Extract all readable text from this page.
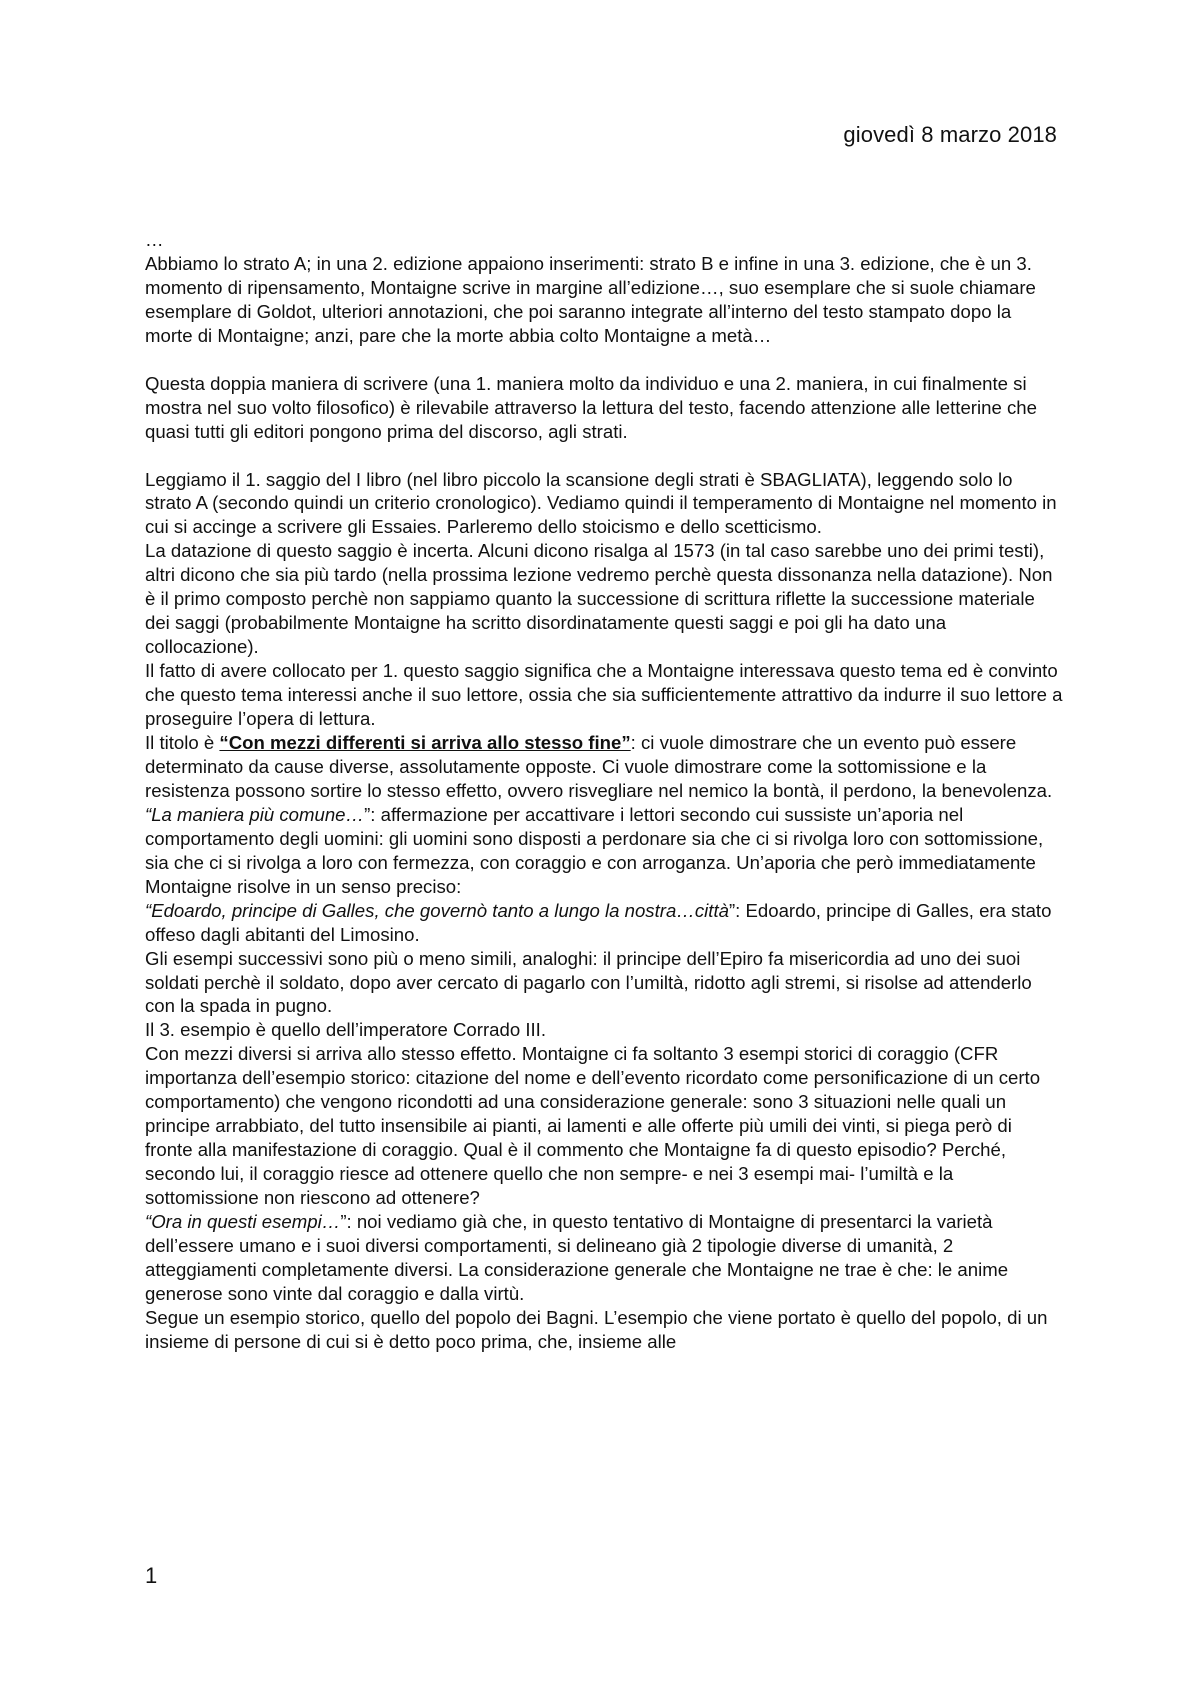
giovedì 8 marzo 2018

…

Abbiamo lo strato A; in una 2. edizione appaiono inserimenti: strato B e infine in una 3. edizione, che è un 3. momento di ripensamento, Montaigne scrive in margine all’edizione…, suo esemplare che si suole chiamare esemplare di Goldot, ulteriori annotazioni, che poi saranno integrate all’interno del testo stampato dopo la morte di Montaigne; anzi, pare che la morte abbia colto Montaigne a metà…

Questa doppia maniera di scrivere (una 1. maniera molto da individuo e una 2. maniera, in cui finalmente si mostra nel suo volto filosofico) è rilevabile attraverso la lettura del testo, facendo attenzione alle letterine che quasi tutti gli editori pongono prima del discorso, agli strati.

Leggiamo il 1. saggio del I libro (nel libro piccolo la scansione degli strati è SBAGLIATA), leggendo solo lo strato A (secondo quindi un criterio cronologico). Vediamo quindi il temperamento di Montaigne nel momento in cui si accinge a scrivere gli Essaies. Parleremo dello stoicismo e dello scetticismo.

La datazione di questo saggio è incerta. Alcuni dicono risalga al 1573 (in tal caso sarebbe uno dei primi testi), altri dicono che sia più tardo (nella prossima lezione vedremo perchè questa dissonanza nella datazione). Non è il primo composto perchè non sappiamo quanto la successione di scrittura riflette la successione materiale dei saggi (probabilmente Montaigne ha scritto disordinatamente questi saggi e poi gli ha dato una collocazione).

Il fatto di avere collocato per 1. questo saggio significa che a Montaigne interessava questo tema ed è convinto che questo tema interessi anche il suo lettore, ossia che sia sufficientemente attrattivo da indurre il suo lettore a proseguire l’opera di lettura.

Il titolo è “Con mezzi differenti si arriva allo stesso fine”: ci vuole dimostrare che un evento può essere determinato da cause diverse, assolutamente opposte. Ci vuole dimostrare come la sottomissione e la resistenza possono sortire lo stesso effetto, ovvero risvegliare nel nemico la bontà, il perdono, la benevolenza.

“La maniera più comune…”: affermazione per accattivare i lettori secondo cui sussiste un’aporia nel comportamento degli uomini: gli uomini sono disposti a perdonare sia che ci si rivolga loro con sottomissione, sia che ci si rivolga a loro con fermezza, con coraggio e con arroganza. Un’aporia che però immediatamente Montaigne risolve in un senso preciso:

“Edoardo, principe di Galles, che governò tanto a lungo la nostra…città”: Edoardo, principe di Galles, era stato offeso dagli abitanti del Limosino.

Gli esempi successivi sono più o meno simili, analoghi: il principe dell’Epiro fa misericordia ad uno dei suoi soldati perchè il soldato, dopo aver cercato di pagarlo con l’umiltà, ridotto agli stremi, si risolse ad attenderlo con la spada in pugno.

Il 3. esempio è quello dell’imperatore Corrado III.

Con mezzi diversi si arriva allo stesso effetto. Montaigne ci fa soltanto 3 esempi storici di coraggio (CFR importanza dell’esempio storico: citazione del nome e dell’evento ricordato come personificazione di un certo comportamento) che vengono ricondotti ad una considerazione generale: sono 3 situazioni nelle quali un principe arrabbiato, del tutto insensibile ai pianti, ai lamenti e alle offerte più umili dei vinti, si piega però di fronte alla manifestazione di coraggio. Qual è il commento che Montaigne fa di questo episodio? Perché, secondo lui, il coraggio riesce ad ottenere quello che non sempre- e nei 3 esempi mai- l’umiltà e la sottomissione non riescono ad ottenere?

“Ora in questi esempi…”: noi vediamo già che, in questo tentativo di Montaigne di presentarci la varietà dell’essere umano e i suoi diversi comportamenti, si delineano già 2 tipologie diverse di umanità, 2 atteggiamenti completamente diversi. La considerazione generale che Montaigne ne trae è che: le anime generose sono vinte dal coraggio e dalla virtù.

Segue un esempio storico, quello del popolo dei Bagni. L’esempio che viene portato è quello del popolo, di un insieme di persone di cui si è detto poco prima, che, insieme alle

1
